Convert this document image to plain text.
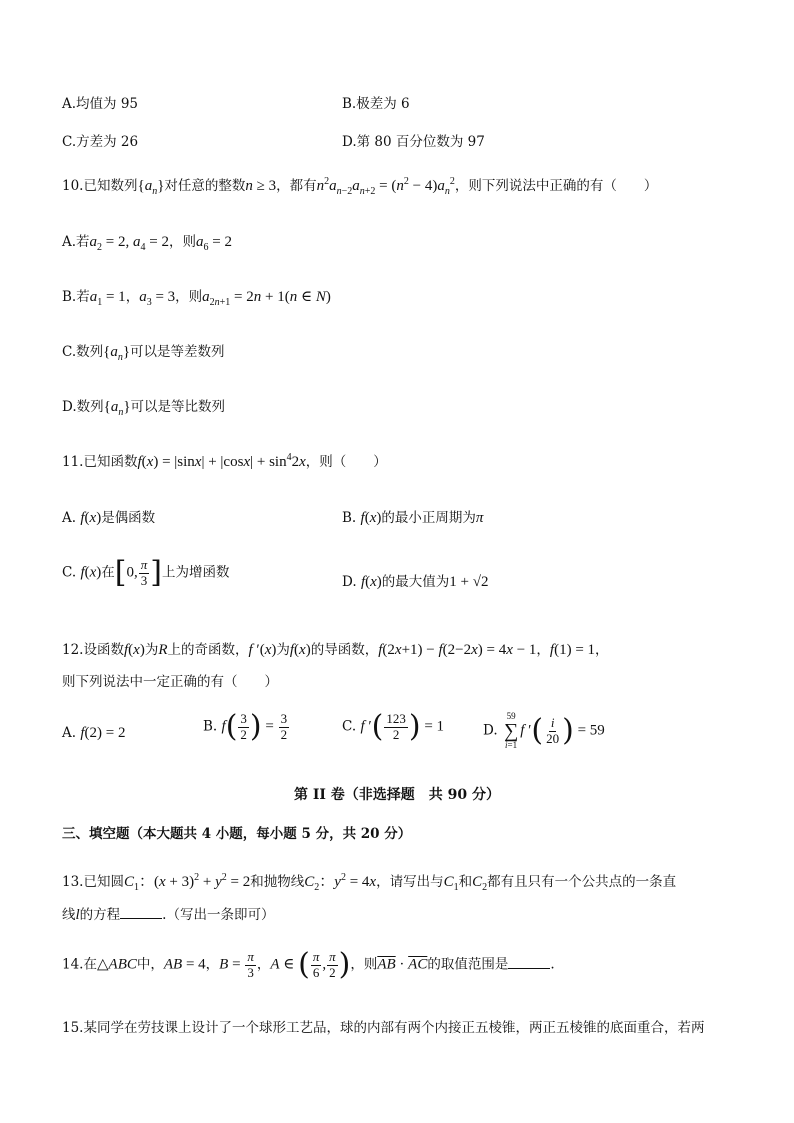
A.均值为 95	B.极差为 6
C.方差为 26	D.第 80 百分位数为 97
10.已知数列$\{a_n\}$对任意的整数n ≥ 3，都有$n^2a_{n-2}a_{n+2} = (n^2 - 4)a_n^2$，则下列说法中正确的有（　　）
A.若$a_2 = 2$, $a_4 = 2$，则$a_6 = 2$
B.若$a_1 = 1$，$a_3 = 3$，则$a_{2n+1} = 2n + 1(n$ ∈ N)
C.数列$\{a_n\}$可以是等差数列
D.数列$\{a_n\}$可以是等比数列
11.已知函数$f(x) = |\sin x| + |\cos x| + \sin^42x$，则（　　）
A. f(x)是偶函数	B. f(x)的最小正周期为π
C. f(x)在[0, $\frac{\pi}{3}$ ]上为增函数
D. f(x)的最大值为1 + √2
12.设函数f(x)为R上的奇函数，f ′(x)为f(x)的导函数，f(2x+1) − f(2−2x) = 4x − 1，f(1) = 1，
则下列说法中一定正确的有（　　）
A. f(2) = 2	B. $f( \frac{3}{2}$ ) = $\frac{3}{2}$	C. f ′( $\frac{123}{2}$ ) = 1	D.
59
∑
i=1
f ′( $\frac{i}{20}$ ) = 59
第 II 卷（非选择题　共 90 分）
三、填空题（本大题共 4 小题，每小题 5 分，共 20 分）
13.已知圆$C_1$：$(x + 3)^2 + y^2 = 2$和抛物线$C_2$：$y^2 = 4x$，请写出与$C_1$和$C_2$都有且只有一个公共点的一条直
线l的方程	.（写出一条即可）
14.在△ABC中，AB = 4，$B = \frac{\pi}{3}$ ，A ∈ ( $\frac{\pi}{6}$ , $\frac{\pi}{2}$ )，则$\overline{AB} \cdot \overline{AC}$的取值范围是	.
15.某同学在劳技课上设计了一个球形工艺品，球的内部有两个内接正五棱锥，两正五棱锥的底面重合，若两
